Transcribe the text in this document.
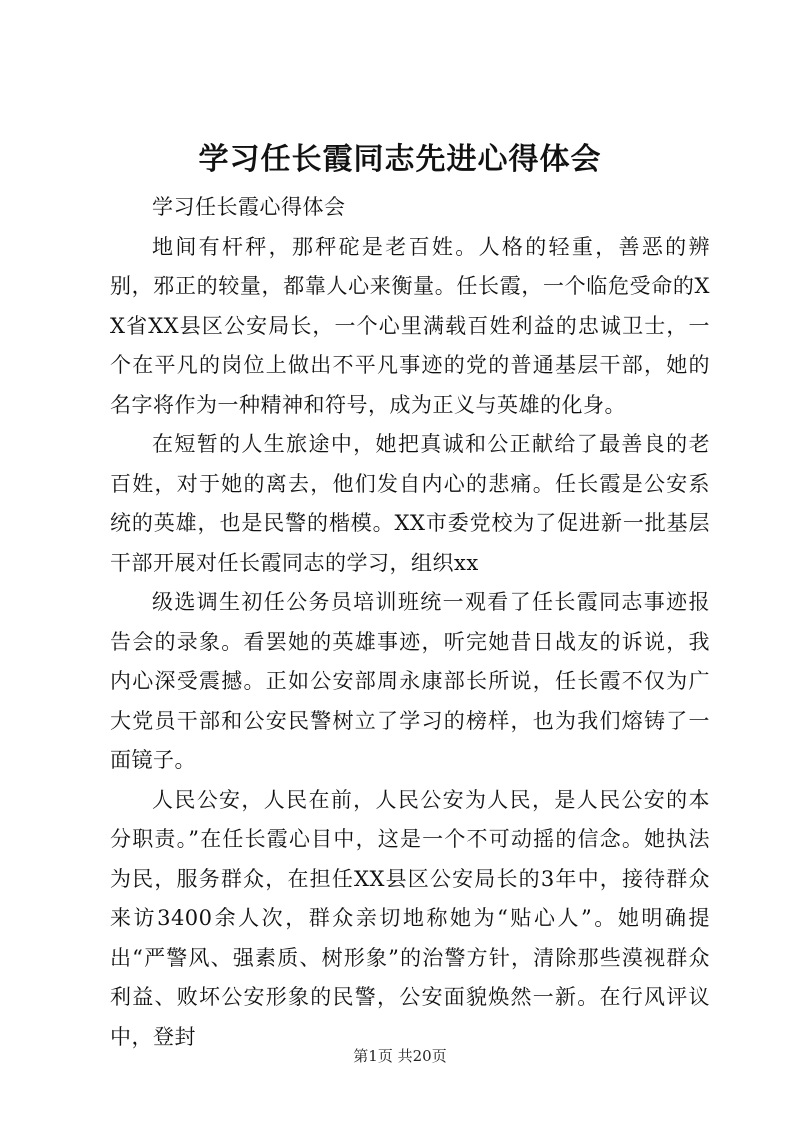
学习任长霞同志先进心得体会

学习任长霞心得体会

地间有杆秤，那秤砣是老百姓。人格的轻重，善恶的辨别，邪正的较量，都靠人心来衡量。任长霞，一个临危受命的XX省XX县区公安局长，一个心里满载百姓利益的忠诚卫士，一个在平凡的岗位上做出不平凡事迹的党的普通基层干部，她的名字将作为一种精神和符号，成为正义与英雄的化身。

在短暂的人生旅途中，她把真诚和公正献给了最善良的老百姓，对于她的离去，他们发自内心的悲痛。任长霞是公安系统的英雄，也是民警的楷模。XX市委党校为了促进新一批基层干部开展对任长霞同志的学习，组织xx

级选调生初任公务员培训班统一观看了任长霞同志事迹报告会的录象。看罢她的英雄事迹，听完她昔日战友的诉说，我内心深受震撼。正如公安部周永康部长所说，任长霞不仅为广大党员干部和公安民警树立了学习的榜样，也为我们熔铸了一面镜子。

人民公安，人民在前，人民公安为人民，是人民公安的本分职责。”在任长霞心目中，这是一个不可动摇的信念。她执法为民，服务群众，在担任XX县区公安局长的3年中，接待群众来访3400余人次，群众亲切地称她为“贴心人”。她明确提出“严警风、强素质、树形象”的治警方针，清除那些漠视群众利益、败坏公安形象的民警，公安面貌焕然一新。在行风评议中，登封

第1页 共20页
